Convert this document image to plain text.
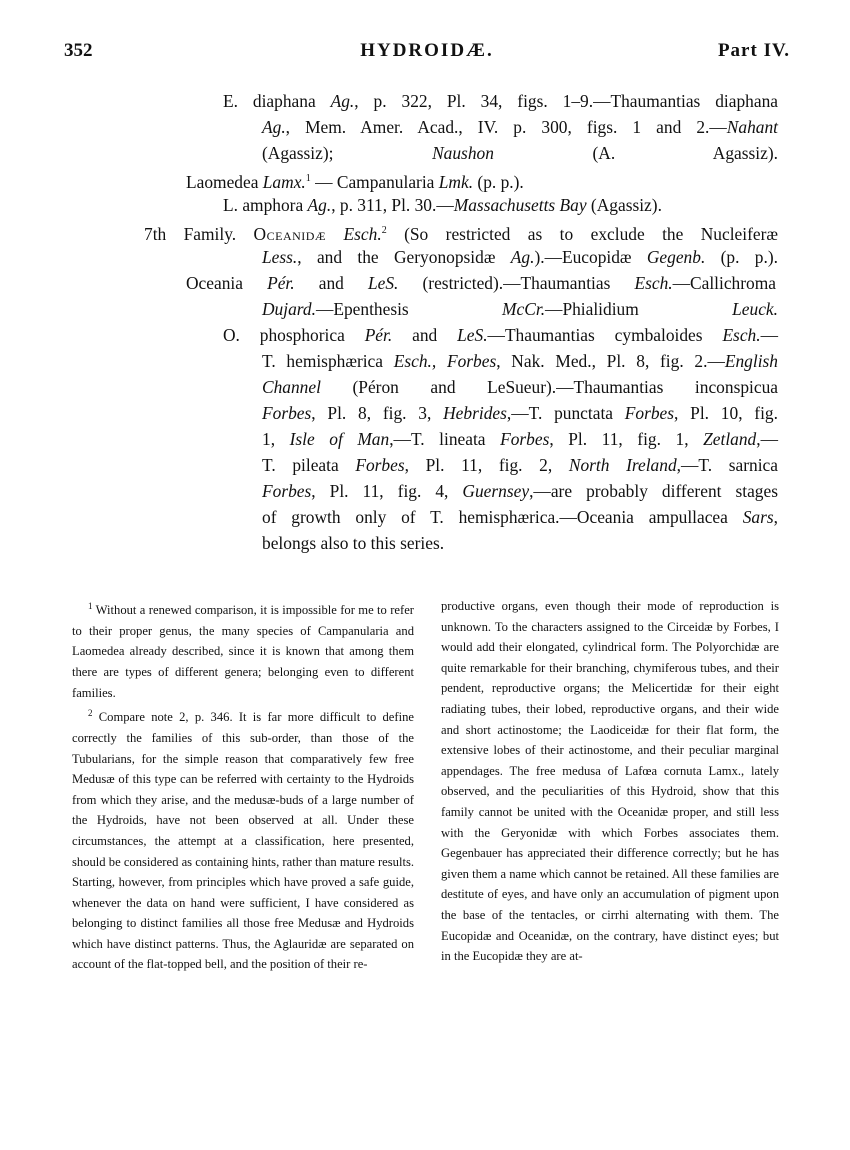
352	HYDROIDÆ.	Part IV.
E. diaphana Ag., p. 322, Pl. 34, figs. 1–9.—Thaumantias diaphana
Ag., Mem. Amer. Acad., IV. p. 300, figs. 1 and 2.—Nahant
(Agassiz); Naushon (A. Agassiz).
Laomedea Lamx.$^1$ — Campanularia Lmk. (p. p.).
L. amphora Ag., p. 311, Pl. 30.—Massachusetts Bay (Agassiz).
7th Family. Oceanidæ Esch.$^2$ (So restricted as to exclude the Nucleiferæ
Less., and the Geryonopsidæ Ag.).—Eucopidæ Gegenb. (p. p.).
Oceania Pér. and LeS. (restricted).—Thaumantias Esch.—Callichroma
Dujard.—Epenthesis McCr.—Phialidium Leuck.
O. phosphorica Pér. and LeS.—Thaumantias cymbaloides Esch.—
T. hemisphærica Esch., Forbes, Nak. Med., Pl. 8, fig. 2.—English
Channel (Péron and LeSueur).—Thaumantias inconspicua
Forbes, Pl. 8, fig. 3, Hebrides,—T. punctata Forbes, Pl. 10, fig.
1, Isle of Man,—T. lineata Forbes, Pl. 11, fig. 1, Zetland,—
T. pileata Forbes, Pl. 11, fig. 2, North Ireland,—T. sarnica
Forbes, Pl. 11, fig. 4, Guernsey,—are probably different stages
of growth only of T. hemisphærica.—Oceania ampullacea Sars,
belongs also to this series.

$^1$ Without a renewed comparison, it is impossible for me to refer to their proper genus, the many species of Campanularia and Laomedea already described, since it is known that among them there are types of different genera; belonging even to different families.

$^2$ Compare note 2, p. 346. It is far more difficult to define correctly the families of this sub-order, than those of the Tubularians, for the simple reason that comparatively few free Medusæ of this type can be referred with certainty to the Hydroids from which they arise, and the medusæ-buds of a large number of the Hydroids, have not been observed at all. Under these circumstances, the attempt at a classification, here presented, should be considered as containing hints, rather than mature results. Starting, however, from principles which have proved a safe guide, whenever the data on hand were sufficient, I have considered as belonging to distinct families all those free Medusæ and Hydroids which have distinct patterns. Thus, the Aglauridæ are separated on account of the flat-topped bell, and the position of their re-

productive organs, even though their mode of reproduction is unknown. To the characters assigned to the Circeidæ by Forbes, I would add their elongated, cylindrical form. The Polyorchidæ are quite remarkable for their branching, chymiferous tubes, and their pendent, reproductive organs; the Melicertidæ for their eight radiating tubes, their lobed, reproductive organs, and their wide and short actinostome; the Laodiceidæ for their flat form, the extensive lobes of their actinostome, and their peculiar marginal appendages. The free medusa of Lafœa cornuta Lamx., lately observed, and the peculiarities of this Hydroid, show that this family cannot be united with the Oceanidæ proper, and still less with the Geryonidæ with which Forbes associates them. Gegenbauer has appreciated their difference correctly; but he has given them a name which cannot be retained. All these families are destitute of eyes, and have only an accumulation of pigment upon the base of the tentacles, or cirrhi alternating with them. The Eucopidæ and Oceanidæ, on the contrary, have distinct eyes; but in the Eucopidæ they are at-
